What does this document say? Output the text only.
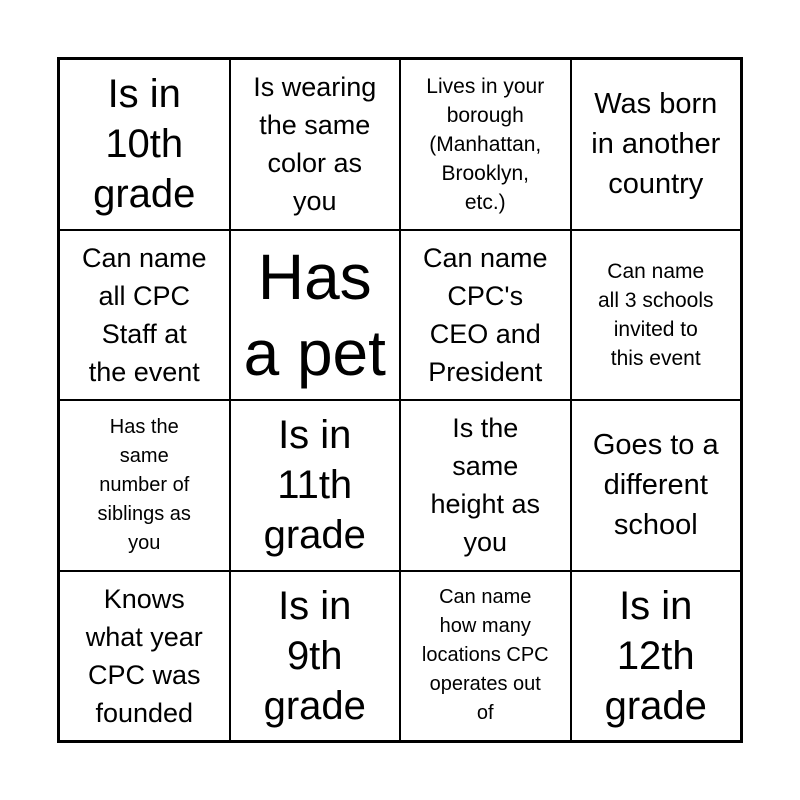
Is in
10th
grade
Is wearing
the same
color as
you
Lives in your
borough
(Manhattan,
Brooklyn,
etc.)
Was born
in another
country
Can name
all CPC
Staff at
the event
Has
a pet
Can name
CPC's
CEO and
President
Can name
all 3 schools
invited to
this event
Has the
same
number of
siblings as
you
Is in
11th
grade
Is the
same
height as
you
Goes to a
different
school
Knows
what year
CPC was
founded
Is in
9th
grade
Can name
how many
locations CPC
operates out
of
Is in
12th
grade
